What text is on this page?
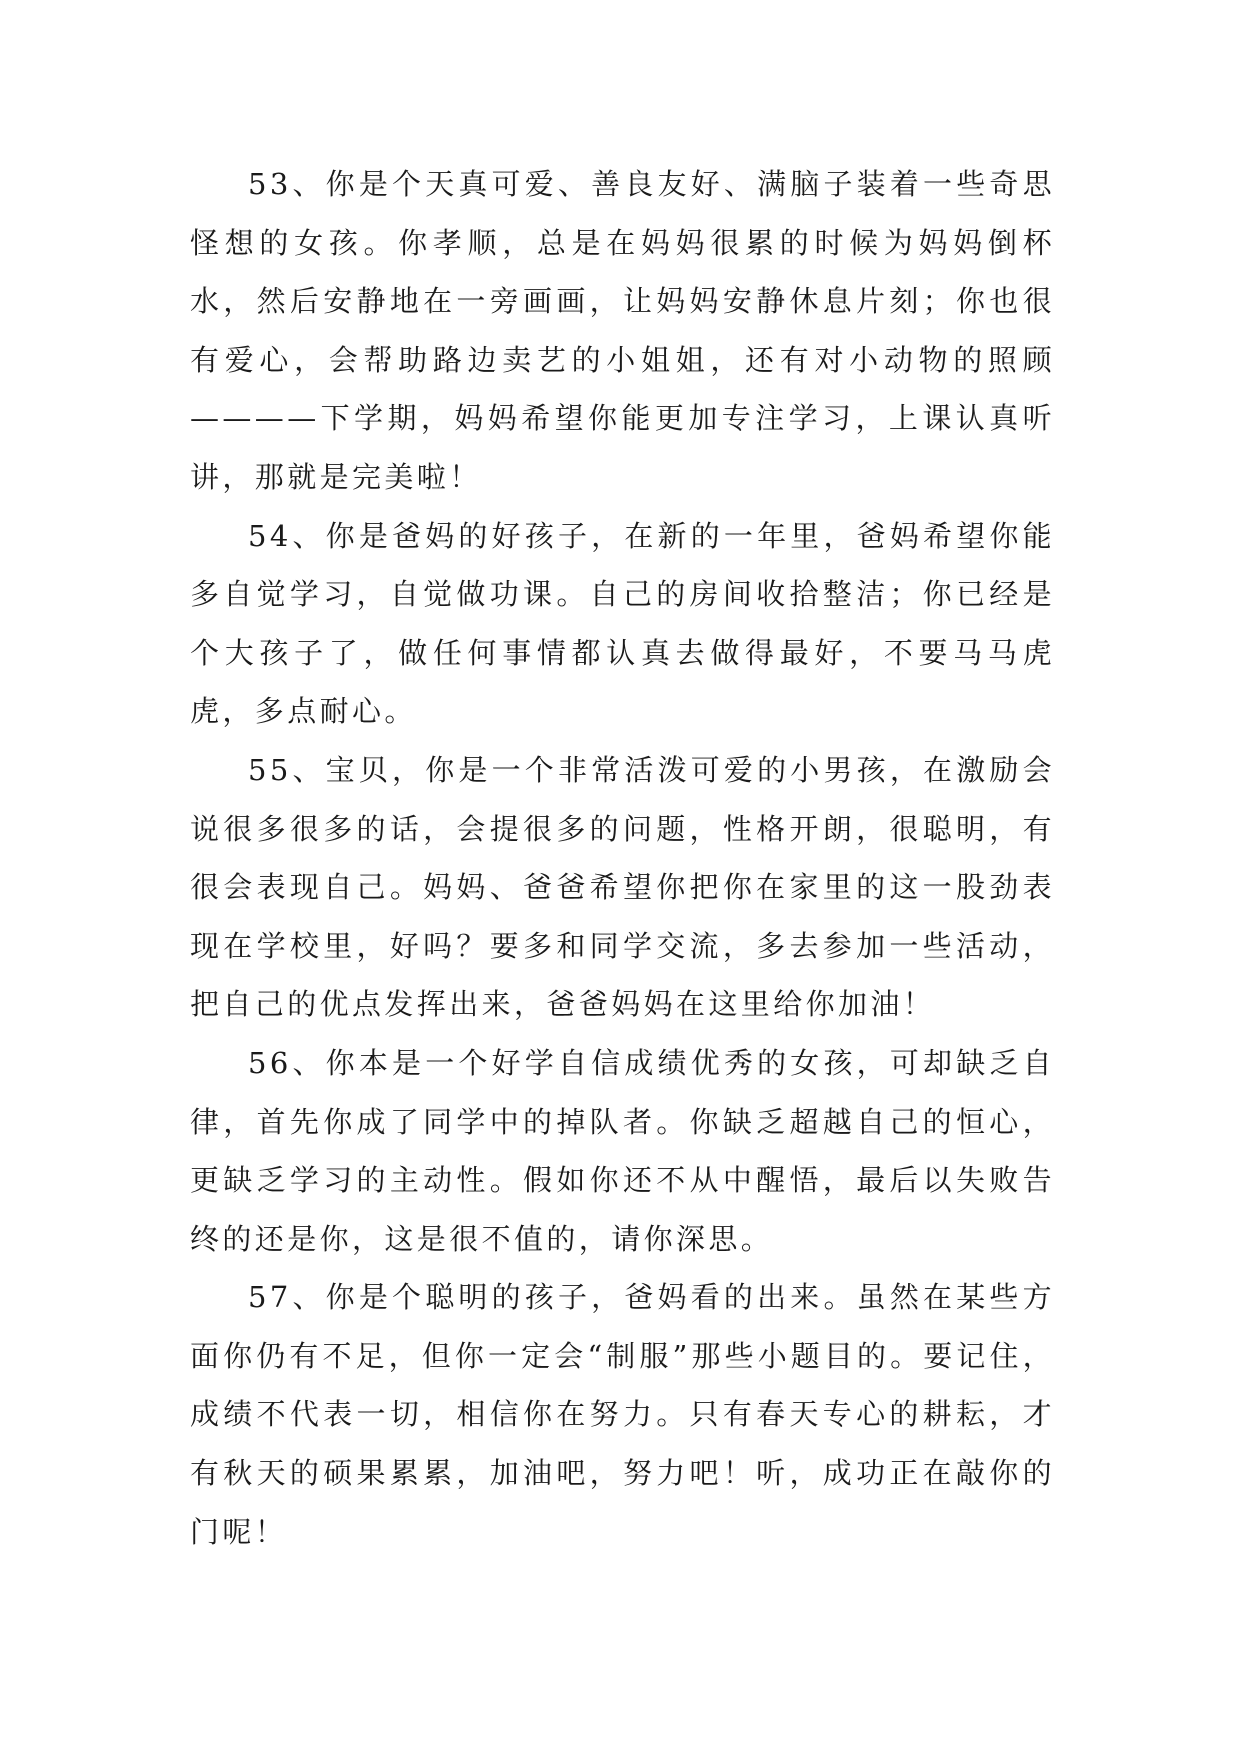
53、你是个天真可爱、善良友好、满脑子装着一些奇思怪想的女孩。你孝顺，总是在妈妈很累的时候为妈妈倒杯水，然后安静地在一旁画画，让妈妈安静休息片刻；你也很有爱心，会帮助路边卖艺的小姐姐，还有对小动物的照顾————下学期，妈妈希望你能更加专注学习，上课认真听讲，那就是完美啦！

54、你是爸妈的好孩子，在新的一年里，爸妈希望你能多自觉学习，自觉做功课。自己的房间收拾整洁；你已经是个大孩子了，做任何事情都认真去做得最好，不要马马虎虎，多点耐心。

55、宝贝，你是一个非常活泼可爱的小男孩，在激励会说很多很多的话，会提很多的问题，性格开朗，很聪明，有很会表现自己。妈妈、爸爸希望你把你在家里的这一股劲表现在学校里，好吗？要多和同学交流，多去参加一些活动，把自己的优点发挥出来，爸爸妈妈在这里给你加油！

56、你本是一个好学自信成绩优秀的女孩，可却缺乏自律，首先你成了同学中的掉队者。你缺乏超越自己的恒心，更缺乏学习的主动性。假如你还不从中醒悟，最后以失败告终的还是你，这是很不值的，请你深思。

57、你是个聪明的孩子，爸妈看的出来。虽然在某些方面你仍有不足，但你一定会“制服”那些小题目的。要记住，成绩不代表一切，相信你在努力。只有春天专心的耕耘，才有秋天的硕果累累，加油吧，努力吧！听，成功正在敲你的门呢！
